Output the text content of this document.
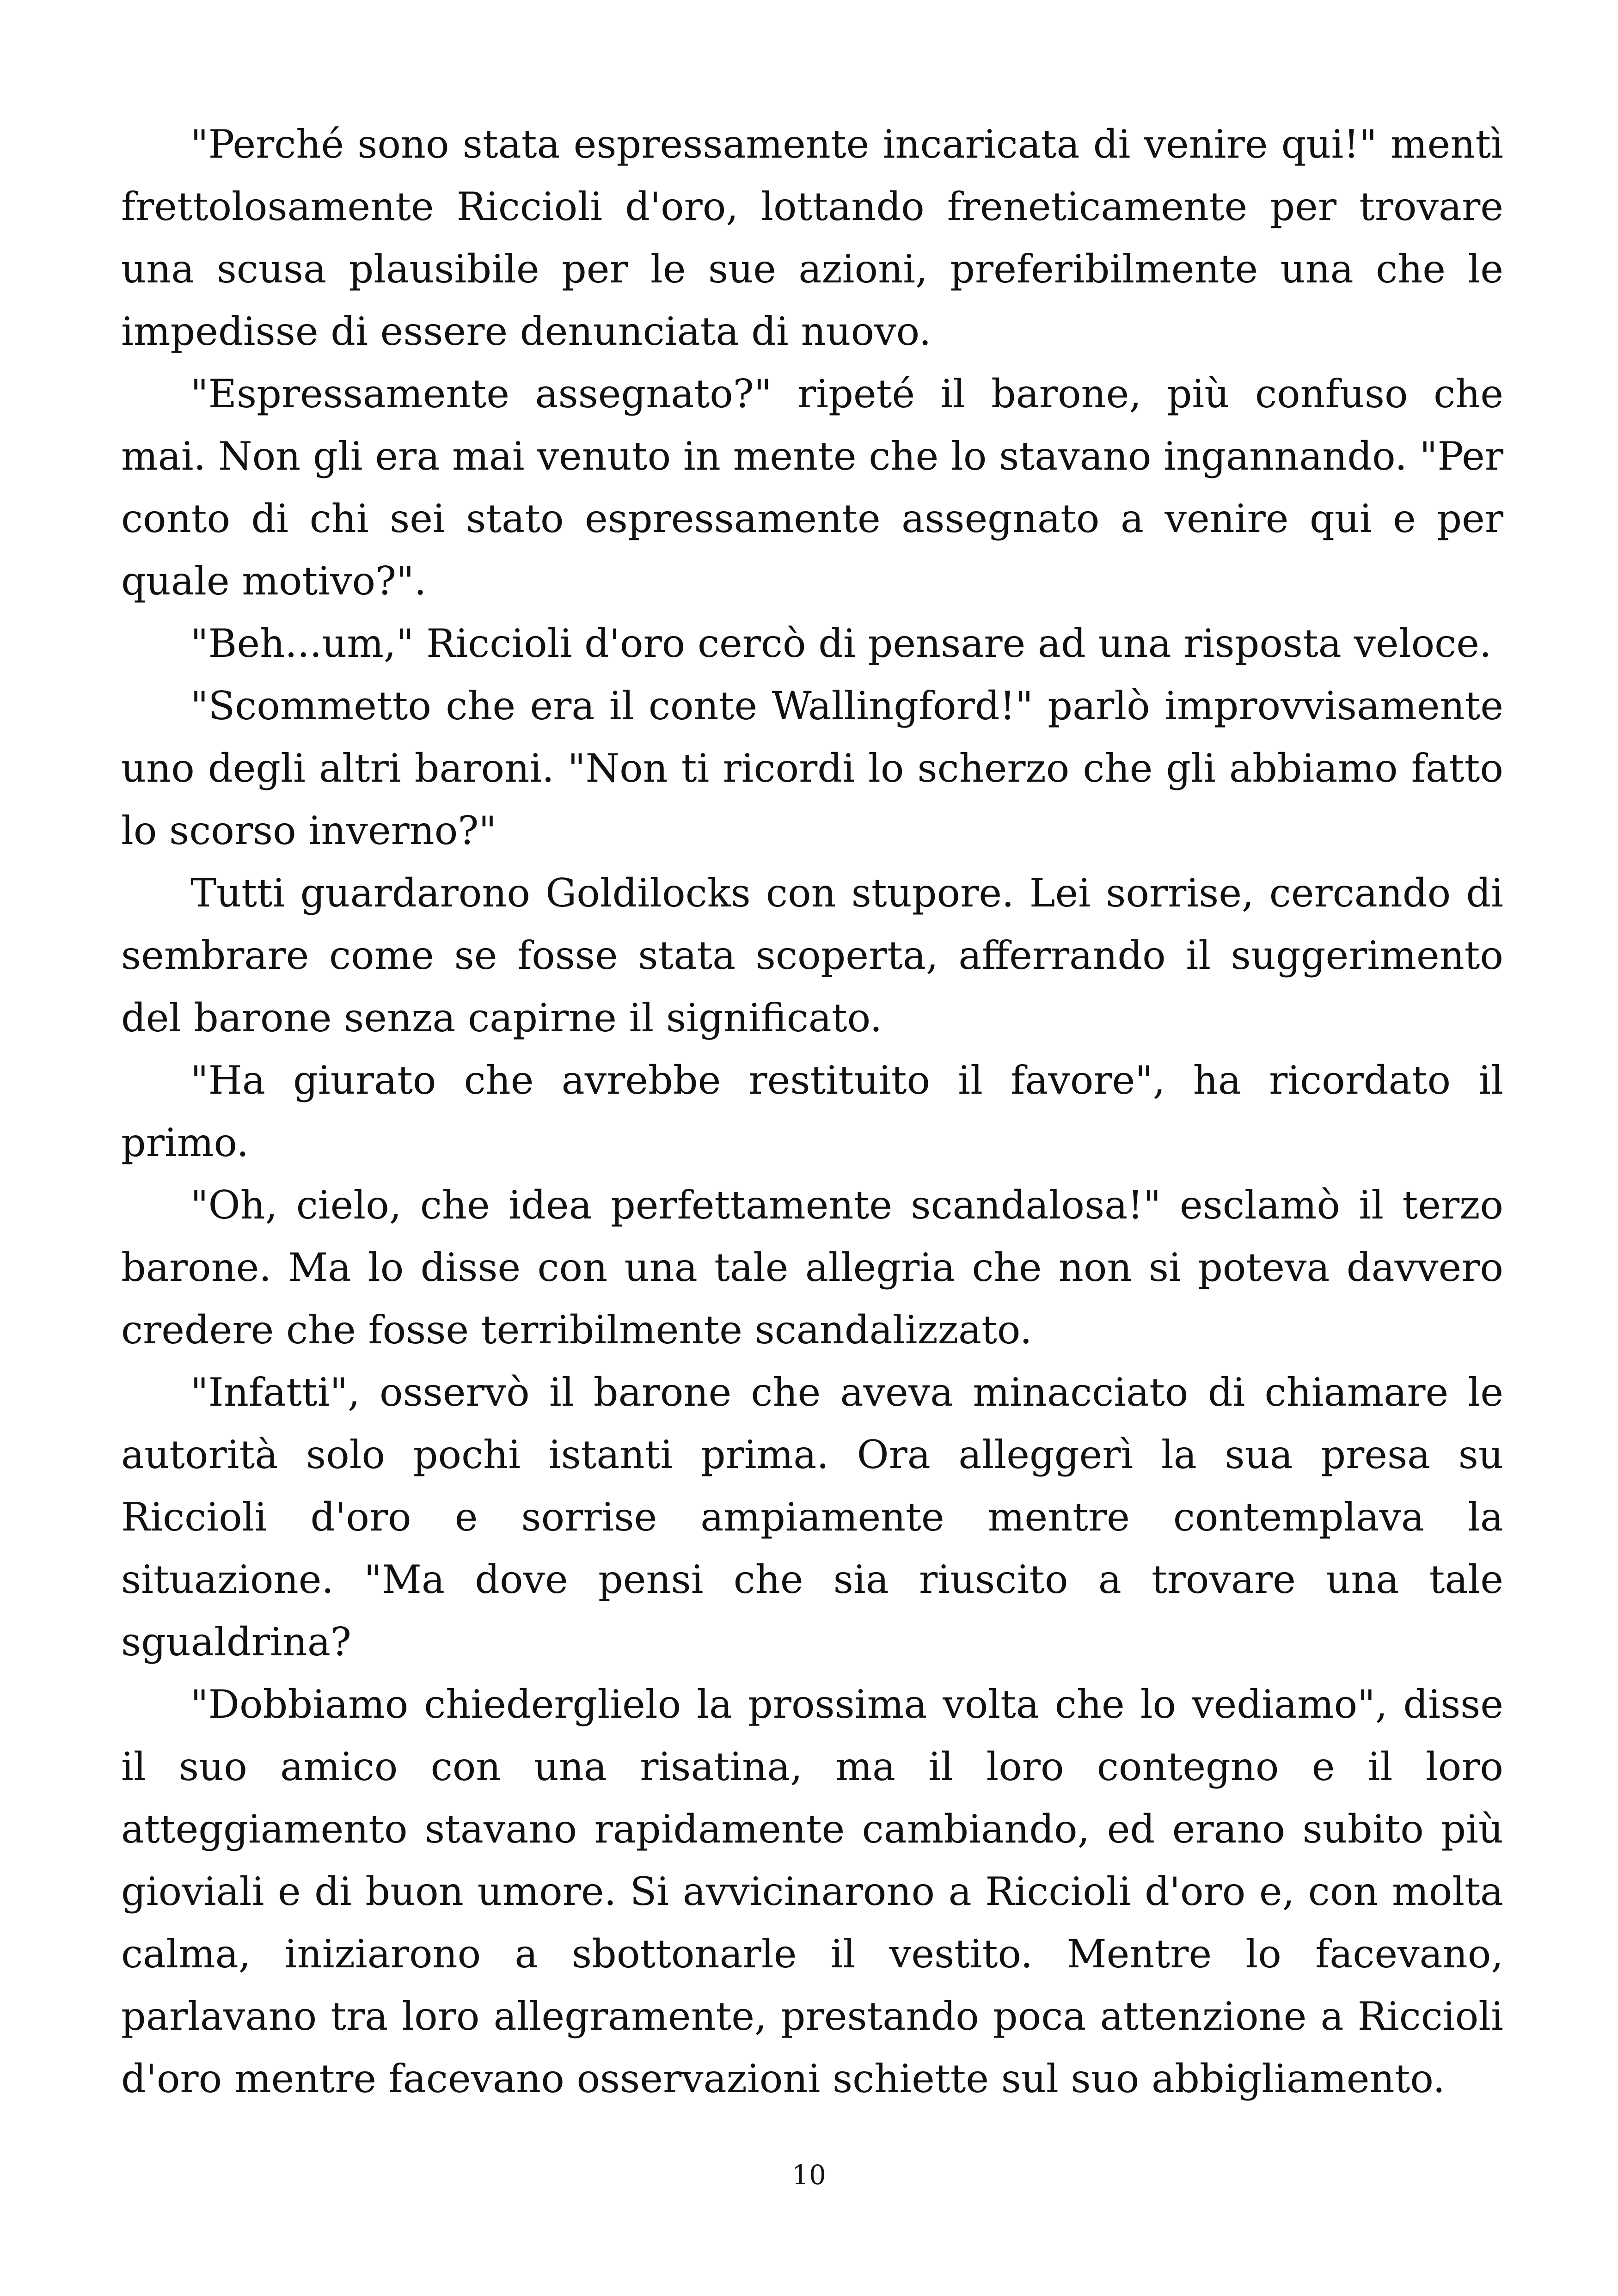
"Perché sono stata espressamente incaricata di venire qui!" mentì frettolosamente Riccioli d'oro, lottando freneticamente per trovare una scusa plausibile per le sue azioni, preferibilmente una che le impedisse di essere denunciata di nuovo.

"Espressamente assegnato?" ripeté il barone, più confuso che mai. Non gli era mai venuto in mente che lo stavano ingannando. "Per conto di chi sei stato espressamente assegnato a venire qui e per quale motivo?".

"Beh...um," Riccioli d'oro cercò di pensare ad una risposta veloce.

"Scommetto che era il conte Wallingford!" parlò improvvisamente uno degli altri baroni. "Non ti ricordi lo scherzo che gli abbiamo fatto lo scorso inverno?"

Tutti guardarono Goldilocks con stupore. Lei sorrise, cercando di sembrare come se fosse stata scoperta, afferrando il suggerimento del barone senza capirne il significato.

"Ha giurato che avrebbe restituito il favore", ha ricordato il primo.

"Oh, cielo, che idea perfettamente scandalosa!" esclamò il terzo barone. Ma lo disse con una tale allegria che non si poteva davvero credere che fosse terribilmente scandalizzato.

"Infatti", osservò il barone che aveva minacciato di chiamare le autorità solo pochi istanti prima. Ora alleggerì la sua presa su Riccioli d'oro e sorrise ampiamente mentre contemplava la situazione. "Ma dove pensi che sia riuscito a trovare una tale sgualdrina?

"Dobbiamo chiederglielo la prossima volta che lo vediamo", disse il suo amico con una risatina, ma il loro contegno e il loro atteggiamento stavano rapidamente cambiando, ed erano subito più gioviali e di buon umore. Si avvicinarono a Riccioli d'oro e, con molta calma, iniziarono a sbottonarle il vestito. Mentre lo facevano, parlavano tra loro allegramente, prestando poca attenzione a Riccioli d'oro mentre facevano osservazioni schiette sul suo abbigliamento.

10
